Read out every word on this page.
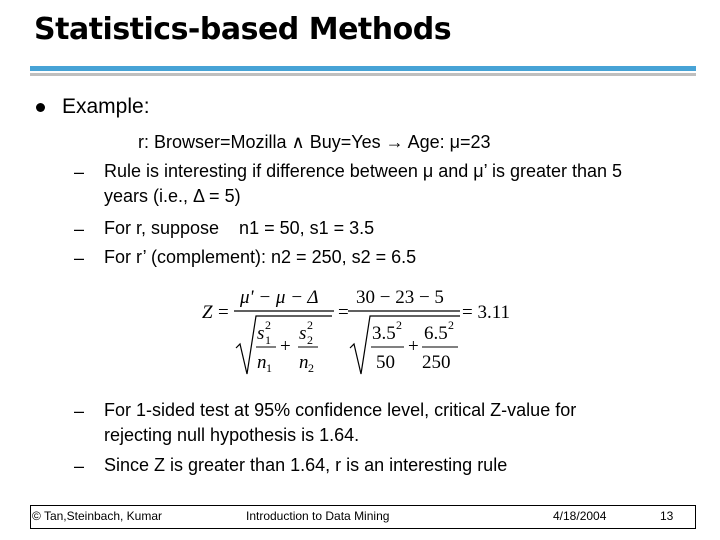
Statistics-based Methods
Example:
r: Browser=Mozilla ∧ Buy=Yes → Age: μ=23
– Rule is interesting if difference between μ and μ’ is greater than 5
years (i.e., Δ = 5)
– For r, suppose    n1 = 50, s1 = 3.5
– For r’ (complement): n2 = 250, s2 = 6.5
Z =
μ' − μ − Δ
s 2
1
n 1
+
s 2
2
n 2
=
30 − 23 − 5
3.5 2
50
+
6.5 2
250
= 3.11
– For 1-sided test at 95% confidence level, critical Z-value for
rejecting null hypothesis is 1.64.
– Since Z is greater than 1.64, r is an interesting rule
© Tan,Steinbach, Kumar	Introduction to Data Mining	4/18/2004	13
